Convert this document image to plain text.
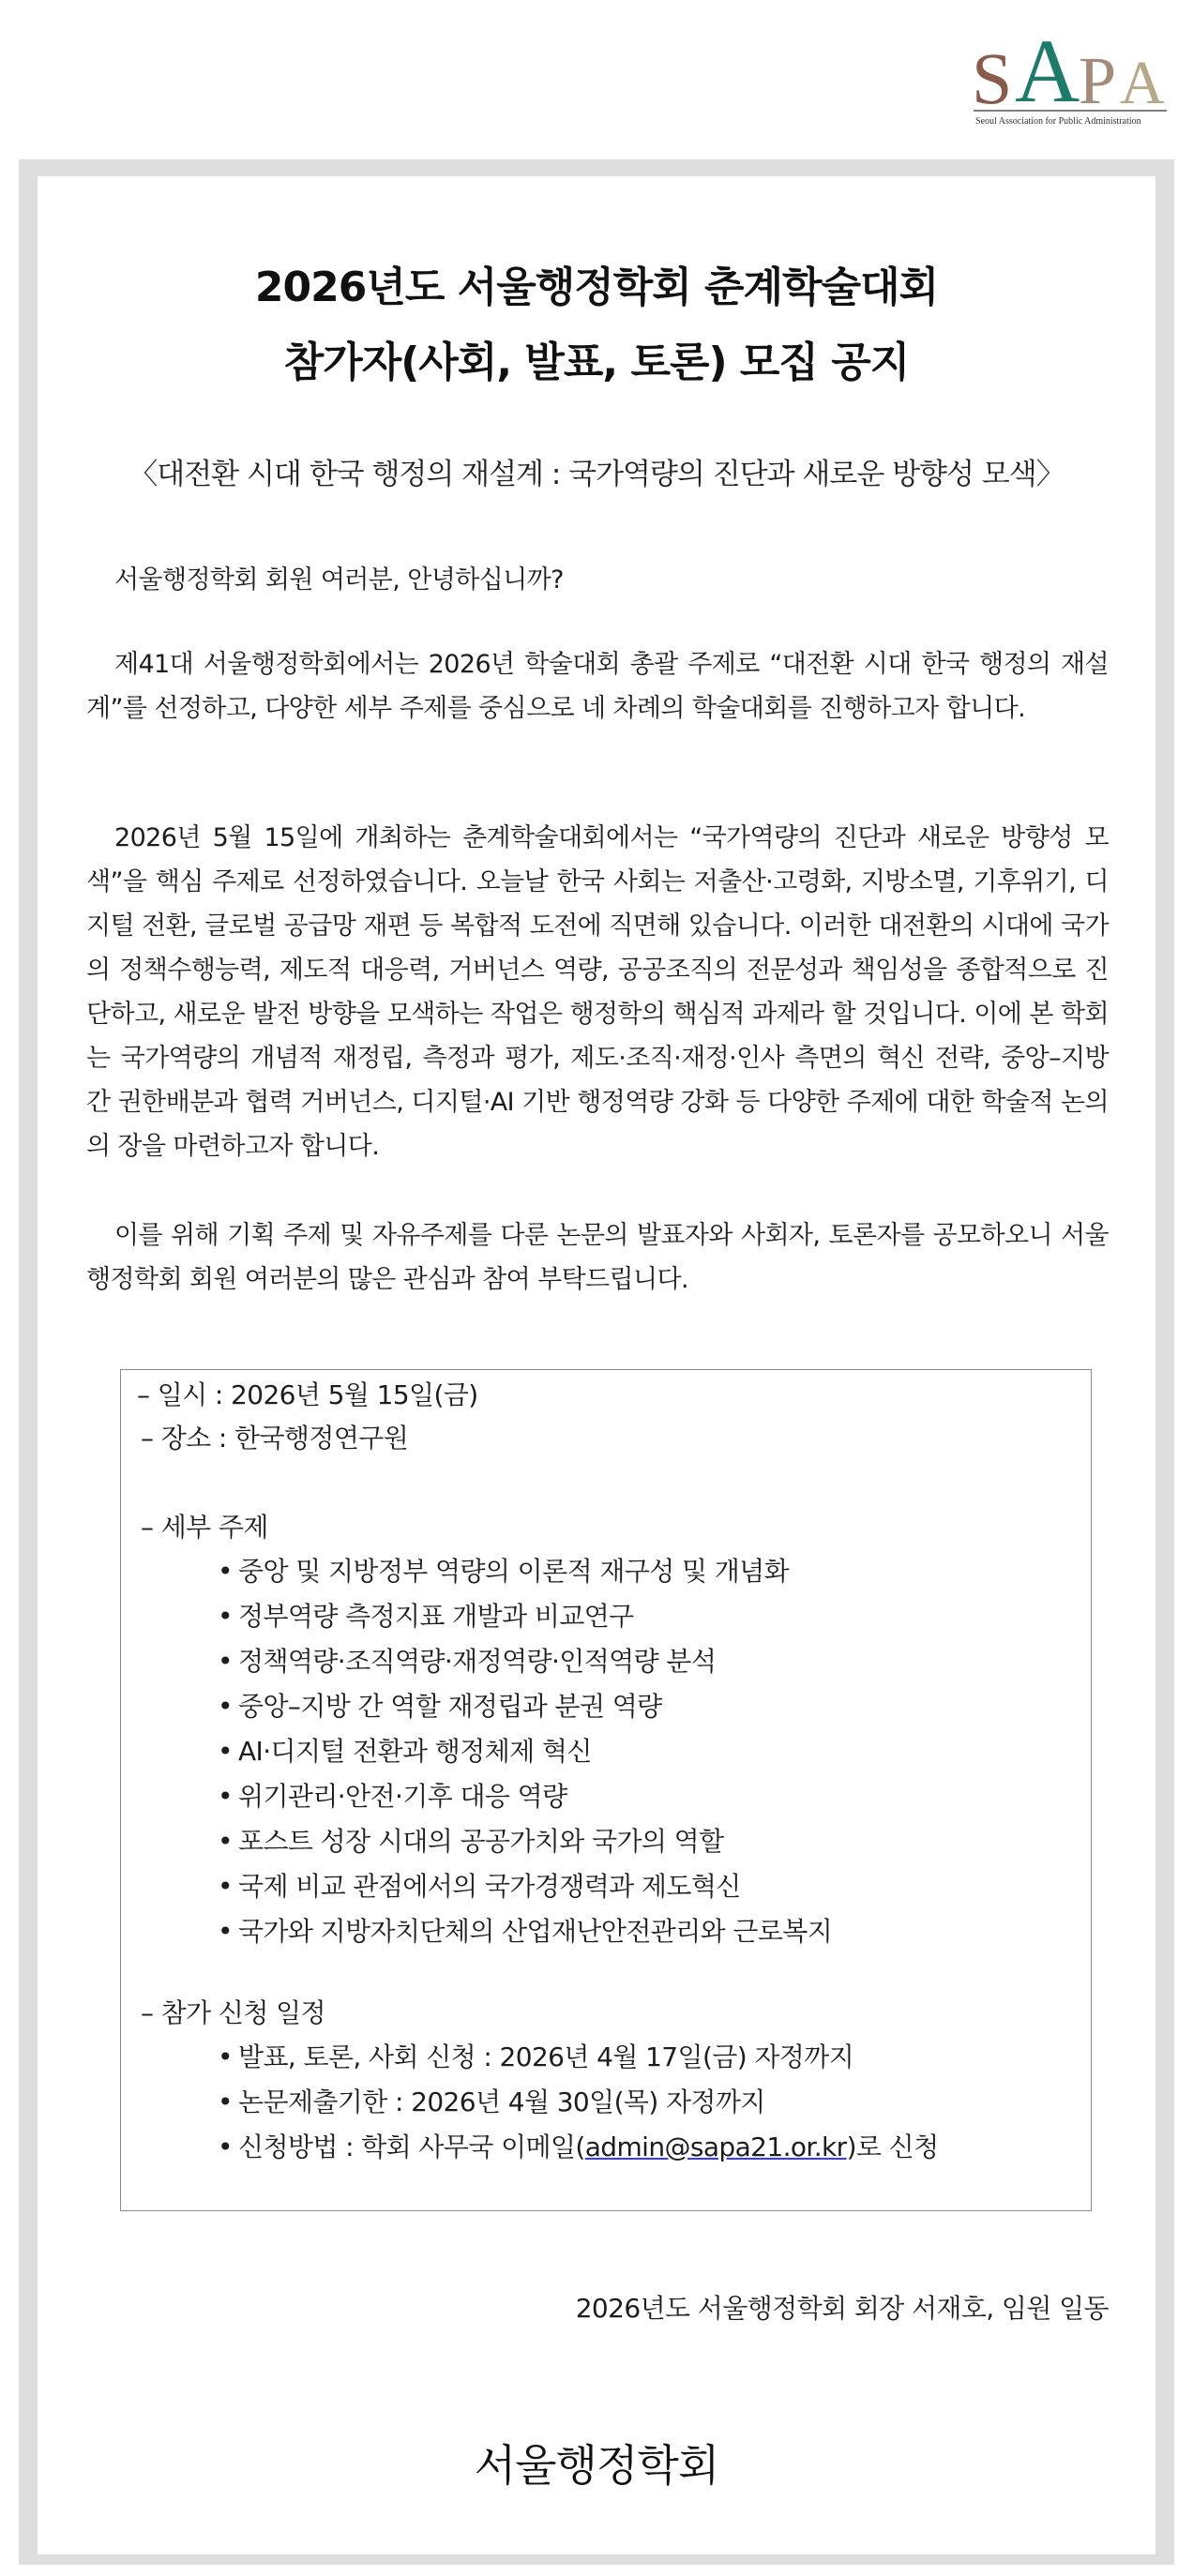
S A
P A
Seoul Association for Public Administration
2026년도 서울행정학회 춘계학술대회
참가자(사회, 발표, 토론) 모집 공지
〈대전환 시대 한국 행정의 재설계 : 국가역량의 진단과 새로운 방향성 모색〉
서울행정학회 회원 여러분, 안녕하십니까?
제41대 서울행정학회에서는 2026년 학술대회 총괄 주제로 “대전환 시대 한국 행정의 재설계”를 선정하고, 다양한 세부 주제를 중심으로 네 차례의 학술대회를 진행하고자 합니다.
2026년 5월 15일에 개최하는 춘계학술대회에서는 “국가역량의 진단과 새로운 방향성 모색”을 핵심 주제로 선정하였습니다. 오늘날 한국 사회는 저출산·고령화, 지방소멸, 기후위기, 디지털 전환, 글로벌 공급망 재편 등 복합적 도전에 직면해 있습니다. 이러한 대전환의 시대에 국가의 정책수행능력, 제도적 대응력, 거버넌스 역량, 공공조직의 전문성과 책임성을 종합적으로 진단하고, 새로운 발전 방향을 모색하는 작업은 행정학의 핵심적 과제라 할 것입니다. 이에 본 학회는 국가역량의 개념적 재정립, 측정과 평가, 제도·조직·재정·인사 측면의 혁신 전략, 중앙–지방 간 권한배분과 협력 거버넌스, 디지털·AI 기반 행정역량 강화 등 다양한 주제에 대한 학술적 논의의 장을 마련하고자 합니다.
이를 위해 기획 주제 및 자유주제를 다룬 논문의 발표자와 사회자, 토론자를 공모하오니 서울행정학회 회원 여러분의 많은 관심과 참여 부탁드립니다.
– 일시 : 2026년 5월 15일(금)
– 장소 : 한국행정연구원
– 세부 주제
• 중앙 및 지방정부 역량의 이론적 재구성 및 개념화
• 정부역량 측정지표 개발과 비교연구
• 정책역량·조직역량·재정역량·인적역량 분석
• 중앙–지방 간 역할 재정립과 분권 역량
• AI·디지털 전환과 행정체제 혁신
• 위기관리·안전·기후 대응 역량
• 포스트 성장 시대의 공공가치와 국가의 역할
• 국제 비교 관점에서의 국가경쟁력과 제도혁신
• 국가와 지방자치단체의 산업재난안전관리와 근로복지
– 참가 신청 일정
• 발표, 토론, 사회 신청 : 2026년 4월 17일(금) 자정까지
• 논문제출기한 : 2026년 4월 30일(목) 자정까지
• 신청방법 : 학회 사무국 이메일(admin@sapa21.or.kr)로 신청
2026년도 서울행정학회 회장 서재호, 임원 일동
서울행정학회
